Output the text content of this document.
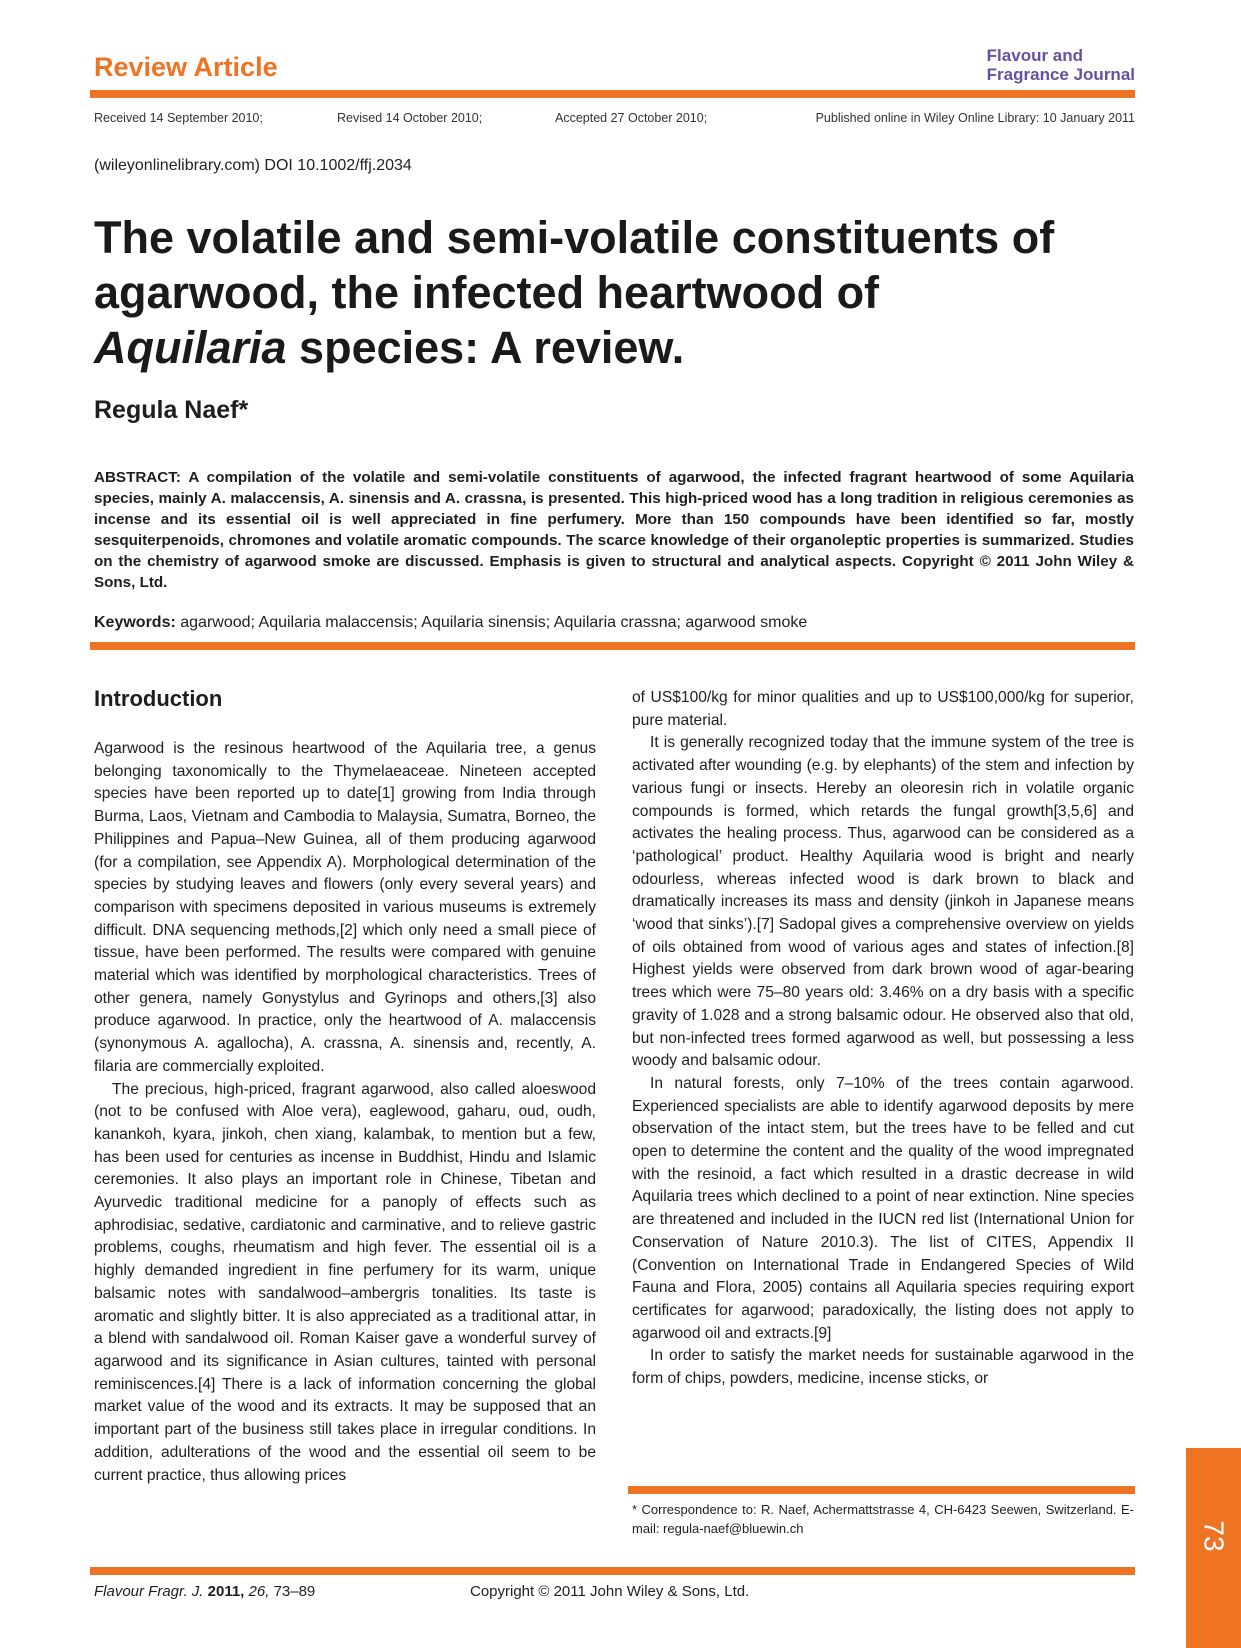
Review Article	Flavour and
Fragrance Journal
Received 14 September 2010;	Revised 14 October 2010;	Accepted 27 October 2010;	Published online in Wiley Online Library: 10 January 2011
(wileyonlinelibrary.com) DOI 10.1002/ffj.2034
The volatile and semi-volatile constituents of
agarwood, the infected heartwood of
Aquilaria species: A review.
Regula Naef*

ABSTRACT: A compilation of the volatile and semi-volatile constituents of agarwood, the infected fragrant heartwood of some Aquilaria species, mainly A. malaccensis, A. sinensis and A. crassna, is presented. This high-priced wood has a long tradition in religious ceremonies as incense and its essential oil is well appreciated in fine perfumery. More than 150 compounds have been identified so far, mostly sesquiterpenoids, chromones and volatile aromatic compounds. The scarce knowledge of their organoleptic properties is summarized. Studies on the chemistry of agarwood smoke are discussed. Emphasis is given to structural and analytical aspects. Copyright © 2011 John Wiley & Sons, Ltd.

Keywords: agarwood; Aquilaria malaccensis; Aquilaria sinensis; Aquilaria crassna; agarwood smoke
Introduction

Agarwood is the resinous heartwood of the Aquilaria tree, a genus belonging taxonomically to the Thymelaeaceae. Nineteen accepted species have been reported up to date[1] growing from India through Burma, Laos, Vietnam and Cambodia to Malaysia, Sumatra, Borneo, the Philippines and Papua–New Guinea, all of them producing agarwood (for a compilation, see Appendix A). Morphological determination of the species by studying leaves and flowers (only every several years) and comparison with specimens deposited in various museums is extremely difficult. DNA sequencing methods,[2] which only need a small piece of tissue, have been performed. The results were compared with genuine material which was identified by morphological characteristics. Trees of other genera, namely Gonystylus and Gyrinops and others,[3] also produce agarwood. In practice, only the heartwood of A. malaccensis (synonymous A. agallocha), A. crassna, A. sinensis and, recently, A. filaria are commercially exploited.

The precious, high-priced, fragrant agarwood, also called aloeswood (not to be confused with Aloe vera), eaglewood, gaharu, oud, oudh, kanankoh, kyara, jinkoh, chen xiang, kalambak, to mention but a few, has been used for centuries as incense in Buddhist, Hindu and Islamic ceremonies. It also plays an important role in Chinese, Tibetan and Ayurvedic traditional medicine for a panoply of effects such as aphrodisiac, sedative, cardiatonic and carminative, and to relieve gastric problems, coughs, rheumatism and high fever. The essential oil is a highly demanded ingredient in fine perfumery for its warm, unique balsamic notes with sandalwood–ambergris tonalities. Its taste is aromatic and slightly bitter. It is also appreciated as a traditional attar, in a blend with sandalwood oil. Roman Kaiser gave a wonderful survey of agarwood and its significance in Asian cultures, tainted with personal reminiscences.[4] There is a lack of information concerning the global market value of the wood and its extracts. It may be supposed that an important part of the business still takes place in irregular conditions. In addition, adulterations of the wood and the essential oil seem to be current practice, thus allowing prices

of US$100/kg for minor qualities and up to US$100,000/kg for superior, pure material.

It is generally recognized today that the immune system of the tree is activated after wounding (e.g. by elephants) of the stem and infection by various fungi or insects. Hereby an oleoresin rich in volatile organic compounds is formed, which retards the fungal growth[3,5,6] and activates the healing process. Thus, agarwood can be considered as a ‘pathological’ product. Healthy Aquilaria wood is bright and nearly odourless, whereas infected wood is dark brown to black and dramatically increases its mass and density (jinkoh in Japanese means ‘wood that sinks’).[7] Sadopal gives a comprehensive overview on yields of oils obtained from wood of various ages and states of infection.[8] Highest yields were observed from dark brown wood of agar-bearing trees which were 75–80 years old: 3.46% on a dry basis with a specific gravity of 1.028 and a strong balsamic odour. He observed also that old, but non-infected trees formed agarwood as well, but possessing a less woody and balsamic odour.

In natural forests, only 7–10% of the trees contain agarwood. Experienced specialists are able to identify agarwood deposits by mere observation of the intact stem, but the trees have to be felled and cut open to determine the content and the quality of the wood impregnated with the resinoid, a fact which resulted in a drastic decrease in wild Aquilaria trees which declined to a point of near extinction. Nine species are threatened and included in the IUCN red list (International Union for Conservation of Nature 2010.3). The list of CITES, Appendix II (Convention on International Trade in Endangered Species of Wild Fauna and Flora, 2005) contains all Aquilaria species requiring export certificates for agarwood; paradoxically, the listing does not apply to agarwood oil and extracts.[9]

In order to satisfy the market needs for sustainable agarwood in the form of chips, powders, medicine, incense sticks, or

* Correspondence to: R. Naef, Achermattstrasse 4, CH-6423 Seewen, Switzerland. E-mail: regula-naef@bluewin.ch	73
Flavour Fragr. J. 2011, 26, 73–89	Copyright © 2011 John Wiley & Sons, Ltd.
